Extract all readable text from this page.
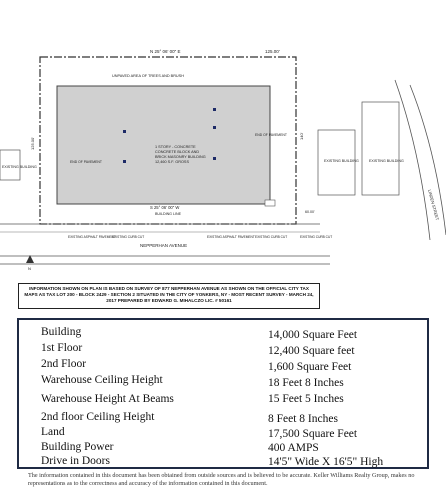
N 25° 06' 00" E	125.00'
UNPAVED AREA OF TREES AND BRUSH
1 STORY - CONCRETE
CONCRETE BLOCK AND
BRICK MASONRY BUILDING
12,460 S.F. GROSS
125.00'
140'
S 25° 06' 00" W
BUILDING LINE	60.00'
NEPPERHAN AVENUE
EXISTING ASPHALT PAVEMENT
EXISTING CURB CUT	EXISTING ASPHALT PAVEMENT EXISTING CURB CUT	EXISTING CURB CUT
END OF PAVEMENT
END OF PAVEMENT
EXISTING BUILDING
EXISTING BUILDING	EXISTING BUILDING
LINDEN STREET
N
INFORMATION SHOWN ON PLAN IS BASED ON SURVEY OF 877 NEPPERHAN AVENUE AS SHOWN ON THE OFFICIAL CITY TAX MAPS AS TAX LOT 200 - BLOCK 2429 - SECTION 2 SITUATED IN THE CITY OF YONKERS, NY - MOST RECENT SURVEY - MARCH 24, 2017 PREPARED BY EDWARD G. MIHALCZO LIC. # 50161
Building	14,000 Square Feet
1st Floor	12,400 Square feet
2nd Floor	1,600 Square Feet
Warehouse Ceiling Height	18 Feet 8 Inches
Warehouse Height At Beams	15 Feet 5 Inches
2nd floor Ceiling Height	8 Feet 8 Inches
Land	17,500 Square Feet
Building Power	400 AMPS
Drive in Doors	14'5" Wide X 16'5" High
The information contained in this document has been obtained from outside sources and is believed to be accurate. Keller Williams Realty Group, makes no representations as to the correctness and accuracy of the information contained in this document.
